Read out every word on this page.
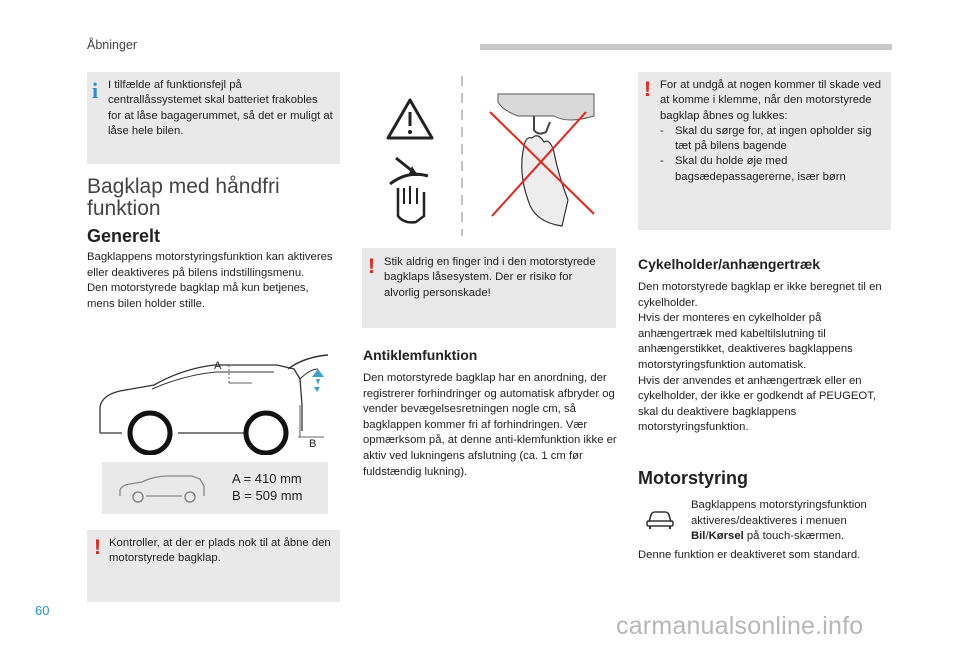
Åbninger
i I tilfælde af funktionsfejl på centrallåssystemet skal batteriet frakobles for at låse bagagerummet, så det er muligt at låse hele bilen.
Bagklap med håndfri funktion
Generelt

Bagklappens motorstyringsfunktion kan aktiveres eller deaktiveres på bilens indstillingsmenu.

Den motorstyrede bagklap må kun betjenes, mens bilen holder stille.

A
B
A = 410 mm
B = 509 mm
! Kontroller, at der er plads nok til at åbne den motorstyrede bagklap.
! Stik aldrig en finger ind i den motorstyrede bagklaps låsesystem. Der er risiko for alvorlig personskade!
Antiklemfunktion
Den motorstyrede bagklap har en anordning, der registrerer forhindringer og automatisk afbryder og vender bevægelsesretningen nogle cm, så bagklappen kommer fri af forhindringen. Vær opmærksom på, at denne anti-klemfunktion ikke er aktiv ved lukningens afslutning (ca. 1 cm før fuldstændig lukning).
! For at undgå at nogen kommer til skade ved at komme i klemme, når den motorstyrede bagklap åbnes og lukkes:
- Skal du sørge for, at ingen opholder sig tæt på bilens bagende
- Skal du holde øje med bagsædepassagererne, især børn
Cykelholder/anhængertræk

Den motorstyrede bagklap er ikke beregnet til en cykelholder.

Hvis der monteres en cykelholder på anhængertræk med kabeltilslutning til anhængerstikket, deaktiveres bagklappens motorstyringsfunktion automatisk.

Hvis der anvendes et anhængertræk eller en cykelholder, der ikke er godkendt af PEUGEOT, skal du deaktivere bagklappens motorstyringsfunktion.

Motorstyring
Bagklappens motorstyringsfunktion aktiveres/deaktiveres i menuen Bil/Kørsel på touch-skærmen.
Denne funktion er deaktiveret som standard.
60
carmanualsonline.info
